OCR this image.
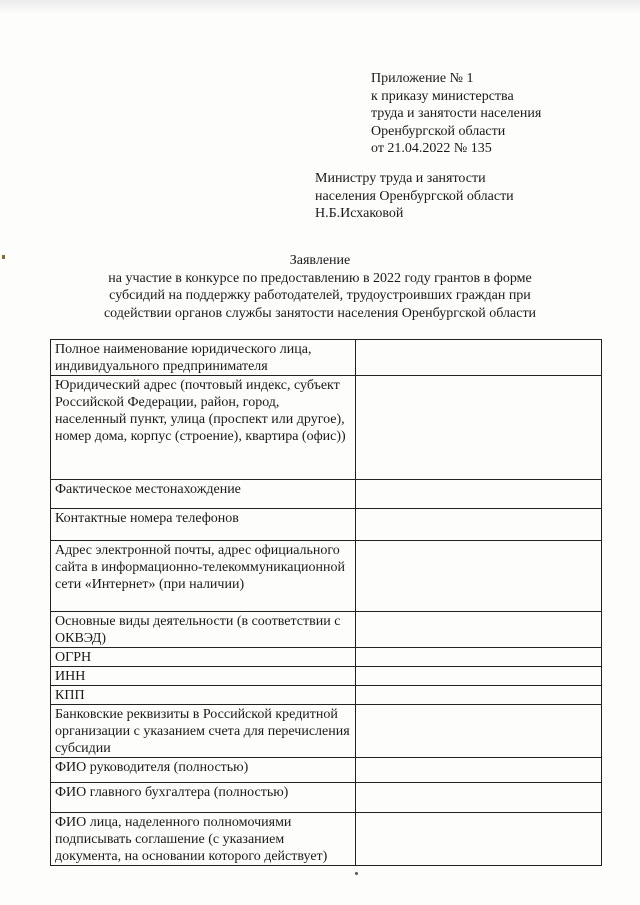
Приложение № 1
к приказу министерства
труда и занятости населения
Оренбургской области
от 21.04.2022 № 135
Министру труда и занятости
населения Оренбургской области
Н.Б.Исхаковой
Заявление
на участие в конкурсе по предоставлению в 2022 году грантов в форме
субсидий на поддержку работодателей, трудоустроивших граждан при
содействии органов службы занятости населения Оренбургской области
Полное наименование юридического лица, индивидуального предпринимателя	
Юридический адрес (почтовый индекс, субъект Российской Федерации, район, город, населенный пункт, улица (проспект или другое), номер дома, корпус (строение), квартира (офис))	
Фактическое местонахождение	
Контактные номера телефонов	
Адрес электронной почты, адрес официального сайта в информационно-телекоммуникационной сети «Интернет» (при наличии)	
Основные виды деятельности (в соответствии с ОКВЭД)	
ОГРН	
ИНН	
КПП	
Банковские реквизиты в Российской кредитной организации с указанием счета для перечисления субсидии	
ФИО руководителя (полностью)	
ФИО главного бухгалтера (полностью)	
ФИО лица, наделенного полномочиями подписывать соглашение (с указанием документа, на основании которого действует)	
